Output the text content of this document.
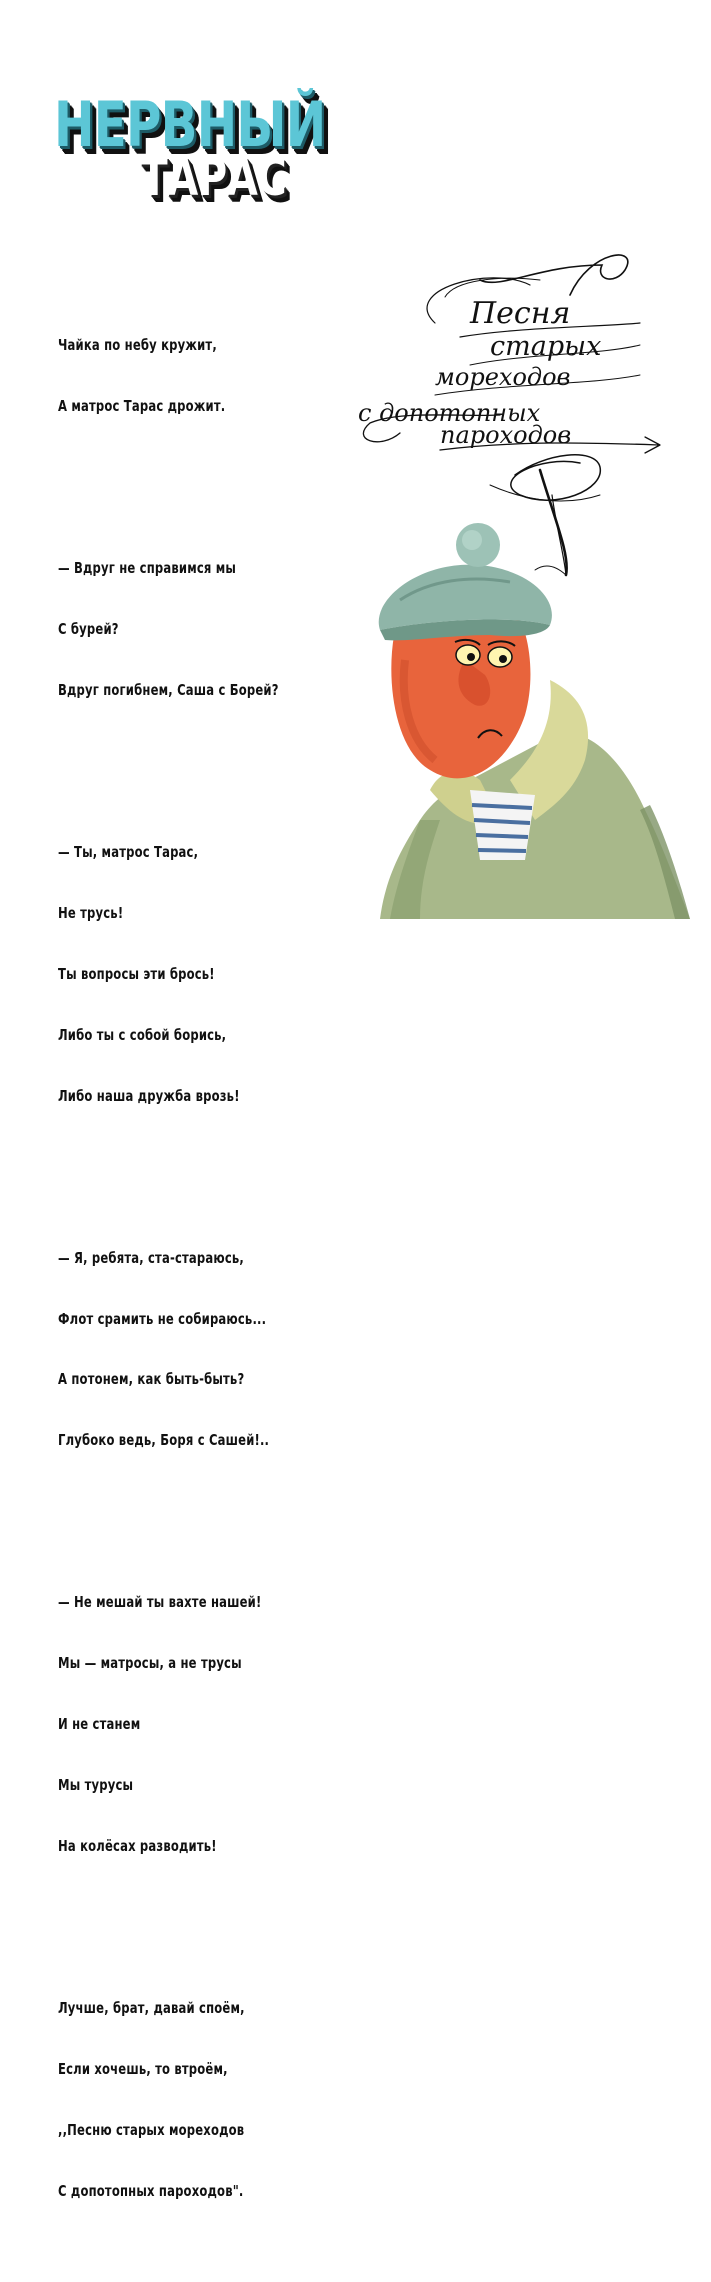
НЕРВНЫЙ
ТАРАС

Чайка по небу кружит,

А матрос Тарас дрожит.

— Вдруг не справимся мы

С бурей?

Вдруг погибнем, Саша с Борей?

— Ты, матрос Тарас,

Не трусь!

Ты вопросы эти брось!

Либо ты с собой борись,

Либо наша дружба врозь!

— Я, ребята, ста-стараюсь,

Флот срамить не собираюсь...

А потонем, как быть-быть?

Глубоко ведь, Боря с Сашей!..

— Не мешай ты вахте нашей!

Мы — матросы, а не трусы

И не станем

Мы турусы

На колёсах разводить!

Лучше, брат, давай споём,

Если хочешь, то втроём,

,,Песню старых мореходов

С допотопных пароходов".

Песня
старых
мореходов
с допотопных
пароходов
